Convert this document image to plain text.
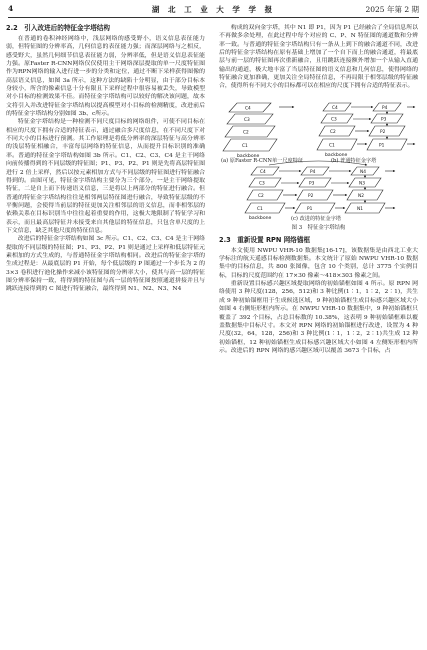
4	湖 北 工 业 大 学 学 报	2025 年第 2 期
2.2　引入改进后的特征金字塔结构

在普通的卷积神经网络中，浅层网络的感受野小，语义信息表征能力弱，但特征图的分辨率高，几何信息的表征能力强；而深层网络与之相反，感受野大，虽然几何细节信息表征能力弱，分辨率低，但是语义信息表征能力强。原Faster R-CNN网络仅仅使用主干网络深层提取的单一尺度特征图作为RPN网络的输入进行进一步的分类和定位，通过不断下采样获得图像的高层语义信息，如图 3a 所示，这种方法的缺陷十分明显，由于部分目标本身较小，所含的像素信息十分有限且下采样过程中很容易被丢失，导致模型对小目标的检测效果不佳。而特征金字塔结构可以较好的解决该问题，故本文将引入并改进特征金字塔结构以提高模型对小目标的检测精度，改进前后的特征金字塔结构分别如图 3b、c所示。

特征金字塔结构是一种检测不同尺度目标的网络组件，可使不同目标在相应的尺度下拥有合适的特征表示，通过融合多尺度信息，在不同尺度下对不同大小的目标进行预测。其工作原理是将低分辨率的深层特征与高分辨率的浅层特征相融合，丰富每层网络的特征信息，从而提升目标识别的准确率。普通的特征金字塔结构如图 3b 所示。C1、C2、C3、C4 是主干网络向前传播得到的不同层级的特征图；P1、P3、P2、P1 则是先将高层特征图进行 2 倍上采样，然后以按元素相加方式与不同层级的特征图进行特征融合得到的。由图可见，特征金字塔结构主要分为三个部分，一是主干网络提取特征，二是自上而下传递语义信息，三是将以上两部分的特征进行融合。但普通的特征金字塔结构往往是相邻两层特征图进行融合，导致特征层级的不平衡问题，会使得当前层的特征更加关注相邻层的语义信息，而非相邻层的依赖关系在目标识别当中往往起着重要的作用，这极大地限制了特征学习和表示，而且最高层特征并未接受来自其他层的特征信息，只包含单尺度的上下文信息，缺乏其他尺度的特征信息。

改进后的特征金字塔结构如图 3c 所示。C1、C2、C3、C4 是主干网络提取的不同层级的特征图；P1、P3、P2、P1 则是通过上采样和低层特征元素相加的方式生成的，与普通特征金字塔结构相同。改进后的特征金字塔的生成过程是：从最底层的 P1 开始，每个低层级的 P 图通过一个步长为 2 的 3×3 卷积进行池化操作来减小该特征图的分辨率大小，使其与高一层的特征图分辨率保持一致，将得到的特征图与高一层的特征图按照通道拼接并且与跳跃连接得到的 C 图进行特征融合，最终得到 N1、N2、N3、N4

构成的双向金字塔，其中 N1 即 P1，因为 P1 已经融合了全局信息所以不再做多余处理，在此过程中每个对应的 C、P、N 特征图的通道数和分辨率一致。与普通的特征金字塔结构只有一条从上到下的融合通道不同，改进后的特征金字塔结构在原有基础上增加了一个自下而上的融合通道，将最底层与前一层的特征图再次重新融合，且用跳跃连接额外增加一个从输入直通输出的通道，极大地丰富了当层特征图的语义信息和几何信息，使得网络的特征融合更加准确，更加关注全局特征信息，不再局限于相邻层级的特征融合，使得所有不同大小的目标都可以在相应的尺度下拥有合适的特征表示。

C4
C3
C2
C1
C4
C3
C2
C1
P4
P3
P2
P1
C4
C3
C2
C1
P4
P3
P2
P1
N4
N3
N2
N1
backbone	backbone
backbone
(a) 原Faster R-CNN单一尺度特征	(b) 普通特征金字塔
(c) 改进的特征金字塔
图 3　特征金字塔结构
2.3　重新设置 RPN 网络锚框

本文使用 NWPU VHR-10 数据集[16-17]，该数据集是由西北工业大学标注的航天遥感目标检测数据集。本文统计了原始 NWPU VHR-10 数据集中的目标信息，共 800 张图像，包含 10 个类别，总计 3775 个实例目标，目标的尺度范围约在 17×30 像素～418×303 像素之间。

重新设置目标感兴趣区域提取网络的初始锚框如图 4 所示。原 RPN 网络使用 3 种尺度(128，256，512)和 3 种比例(1∶1，1∶2，2∶1)，共生成 9 种初始锚框用于生成候选区域，9 种初始锚框生成目标感兴趣区域大小如图 4 右侧矩形框内所示。在 NWPU VHR-10 数据集中，9 种初始锚框只覆盖了 392 个目标，占总目标数的 10.38%，这表明 9 种初始锚框难以覆盖数据集中目标尺寸。本文对 RPN 网络的初始锚框进行改进，设置为 4 种尺度(32，64，128，256)和 3 种比例(1∶1，1∶2，2∶1)共生成 12 种初始锚框，12 种初始锚框生成目标感兴趣区域大小如图 4 左侧矩形框内所示。改进后的 RPN 网络的感兴趣区域可以覆盖 3673 个目标，占
